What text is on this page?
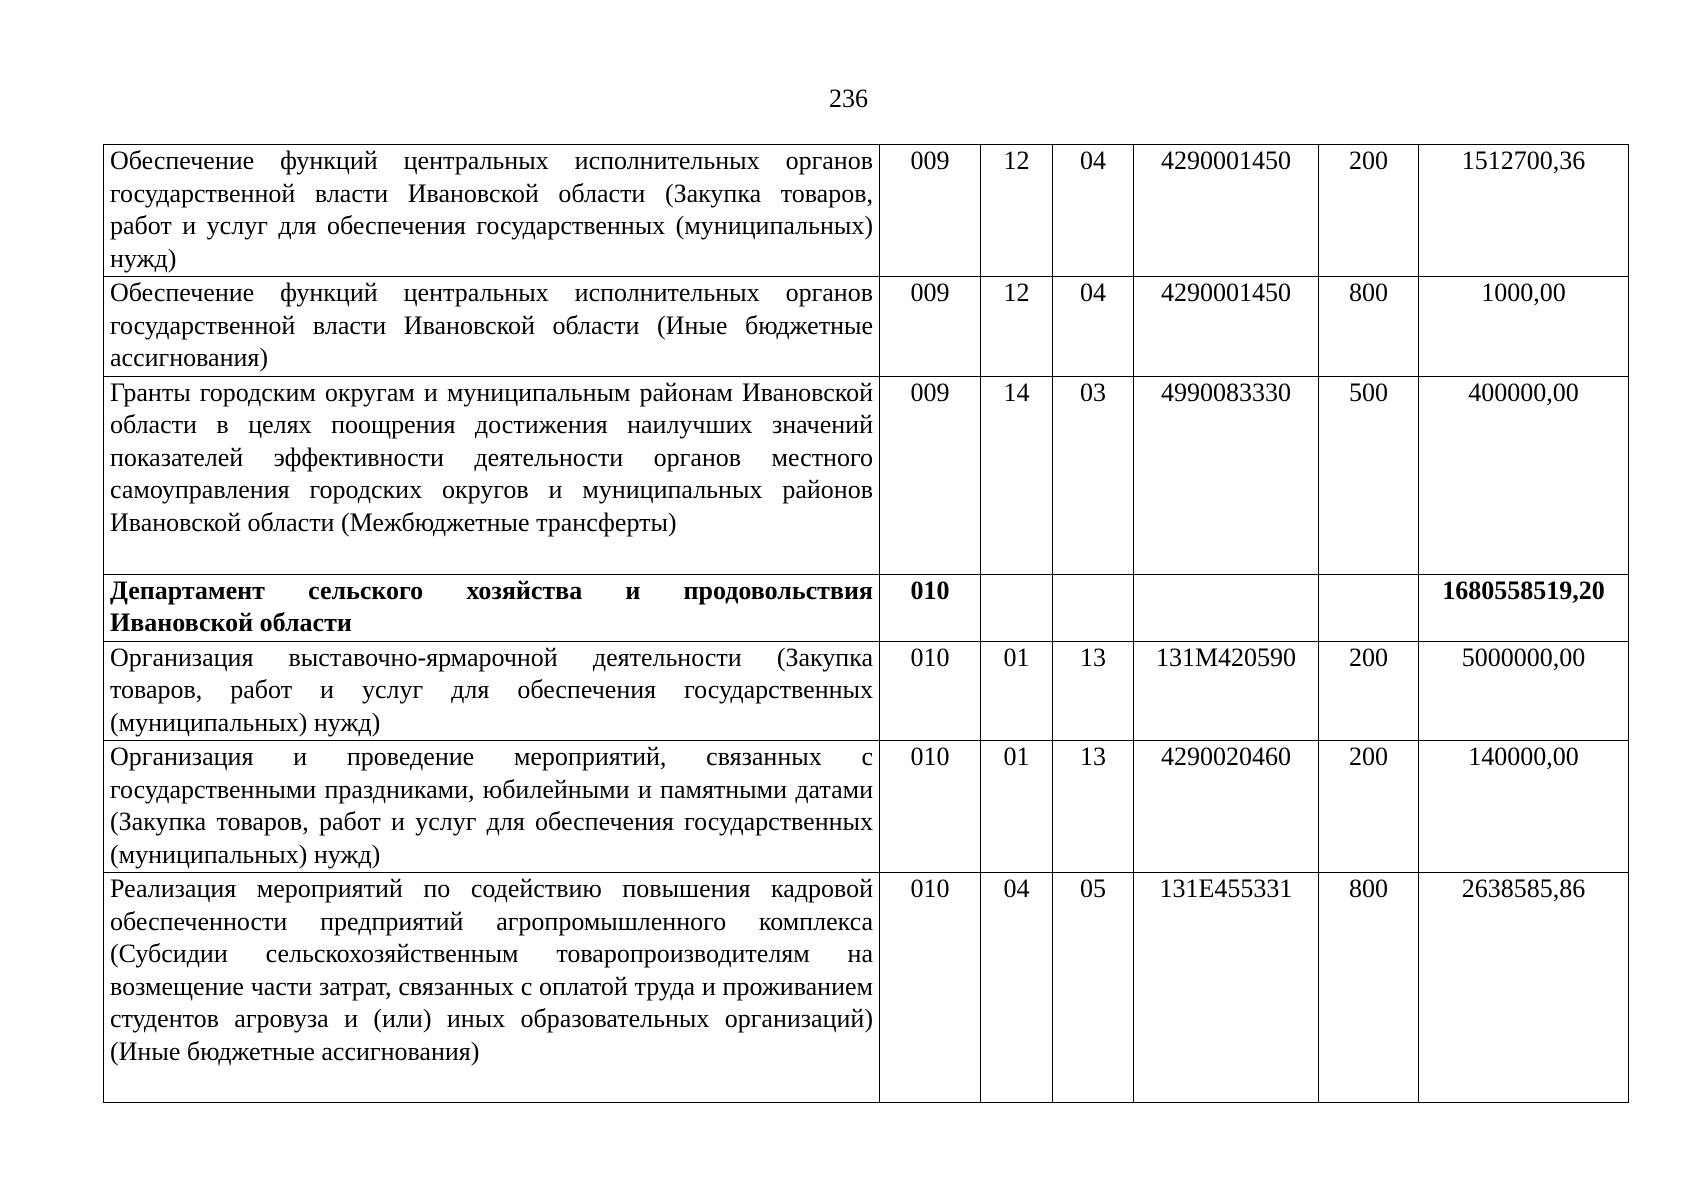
236
Обеспечение функций центральных исполнительных органов государственной власти Ивановской области (Закупка товаров, работ и услуг для обеспечения государственных (муниципальных) нужд)	009	12	04	4290001450	200	1512700,36
Обеспечение функций центральных исполнительных органов государственной власти Ивановской области (Иные бюджетные ассигнования)	009	12	04	4290001450	800	1000,00
Гранты городским округам и муниципальным районам Ивановской области в целях поощрения достижения наилучших значений показателей эффективности деятельности органов местного самоуправления городских округов и муниципальных районов Ивановской области (Межбюджетные трансферты)	009	14	03	4990083330	500	400000,00
Департамент сельского хозяйства и продовольствия Ивановской области	010					1680558519,20
Организация выставочно-ярмарочной деятельности (Закупка товаров, работ и услуг для обеспечения государственных (муниципальных) нужд)	010	01	13	131M420590	200	5000000,00
Организация и проведение мероприятий, связанных с государственными праздниками, юбилейными и памятными датами (Закупка товаров, работ и услуг для обеспечения государственных (муниципальных) нужд)	010	01	13	4290020460	200	140000,00
Реализация мероприятий по содействию повышения кадровой обеспеченности предприятий агропромышленного комплекса (Субсидии сельскохозяйственным товаропроизводителям на возмещение части затрат, связанных с оплатой труда и проживанием студентов агровуза и (или) иных образовательных организаций) (Иные бюджетные ассигнования)	010	04	05	131E455331	800	2638585,86
